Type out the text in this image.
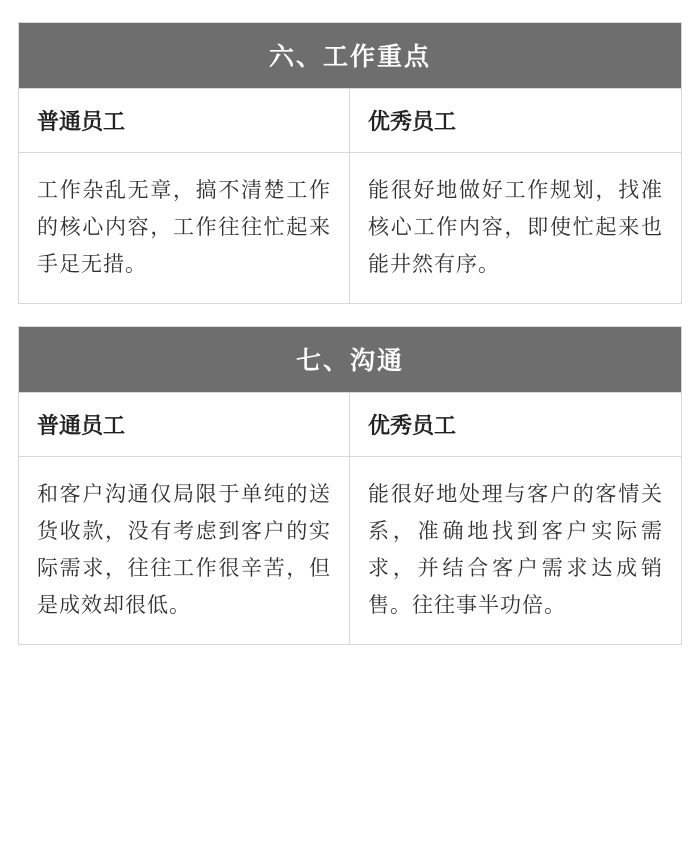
六、工作重点
普通员工	优秀员工
工作杂乱无章，搞不清楚工作的核心内容，工作往往忙起来手足无措。
能很好地做好工作规划，找准核心工作内容，即使忙起来也能井然有序。
七、沟通
普通员工	优秀员工
和客户沟通仅局限于单纯的送货收款，没有考虑到客户的实际需求，往往工作很辛苦，但是成效却很低。
能很好地处理与客户的客情关系，准确地找到客户实际需求，并结合客户需求达成销售。往往事半功倍。
